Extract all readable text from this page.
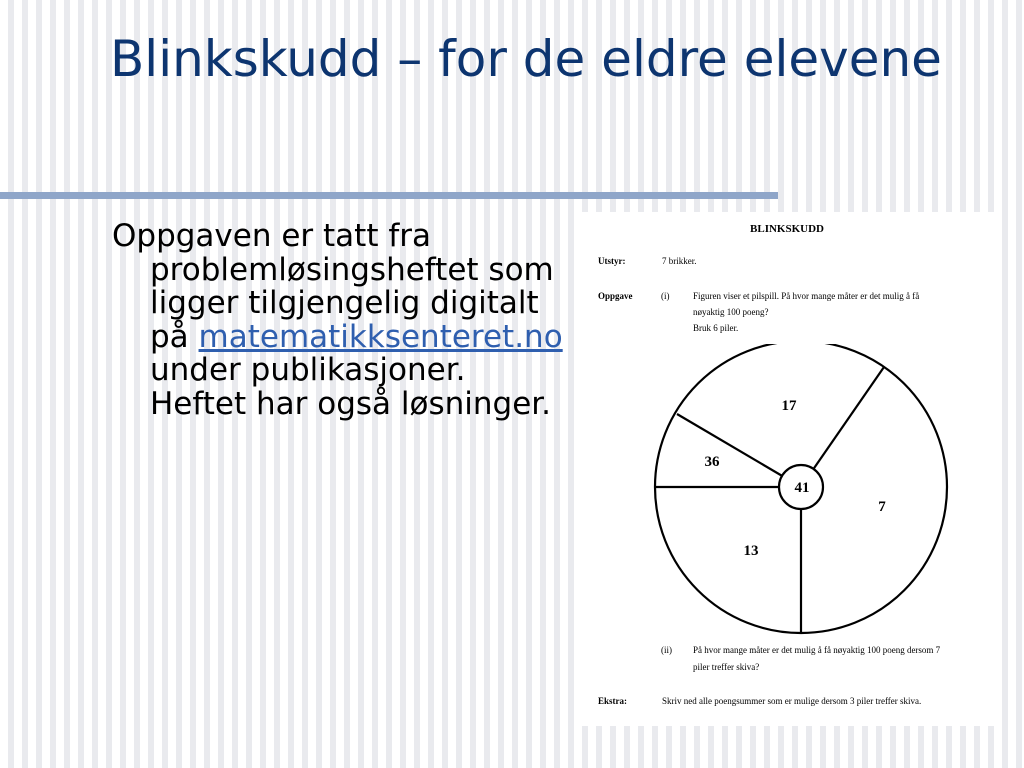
Blinkskudd – for de eldre elevene
Oppgaven er tatt fra problemløsingsheftet som ligger tilgjengelig digitalt på matematikksenteret.no under publikasjoner. Heftet har også løsninger.
BLINKSKUDD
Utstyr:	7 brikker.
Oppgave	(i)	Figuren viser et pilspill. På hvor mange måter er det mulig å få
nøyaktig 100 poeng?
Bruk 6 piler.
41
17
36
7
13
(ii) På hvor mange måter er det mulig å få nøyaktig 100 poeng dersom 7
piler treffer skiva?
Ekstra:	Skriv ned alle poengsummer som er mulige dersom 3 piler treffer skiva.
